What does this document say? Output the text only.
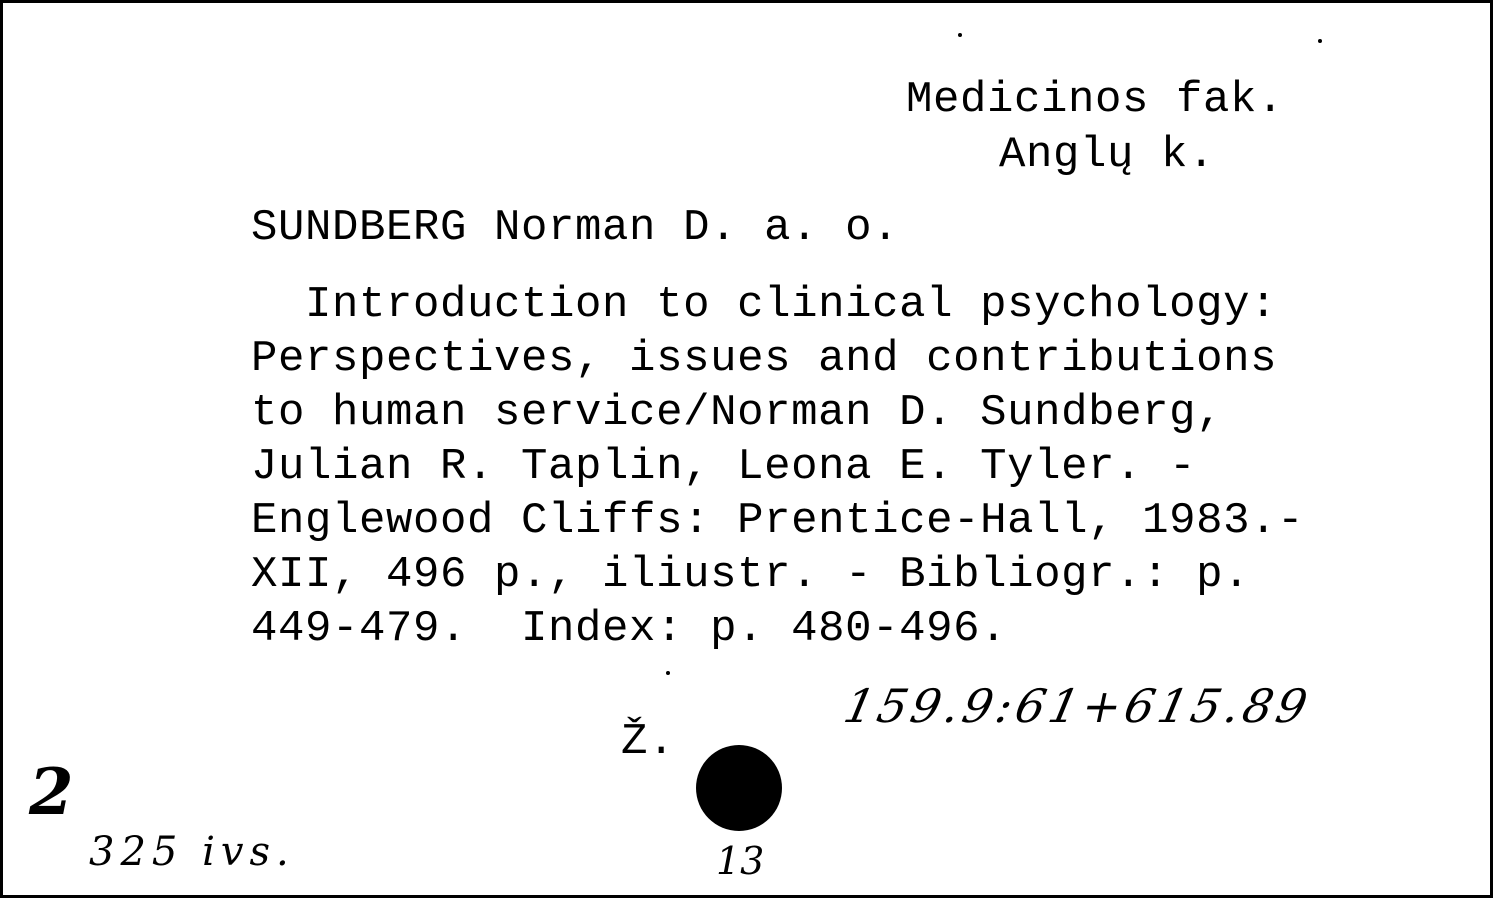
Medicinos fak.
Anglų k.
SUNDBERG Norman D. a. o.
Introduction to clinical psychology:
Perspectives, issues and contributions
to human service/Norman D. Sundberg,
Julian R. Taplin, Leona E. Tyler. -
Englewood Cliffs: Prentice-Hall, 1983.-
XII, 496 p., iliustr. - Bibliogr.: p.
449-479.  Index: p. 480-496.
Ž.
159.9:61+615.89
2
325 ivs.	13
